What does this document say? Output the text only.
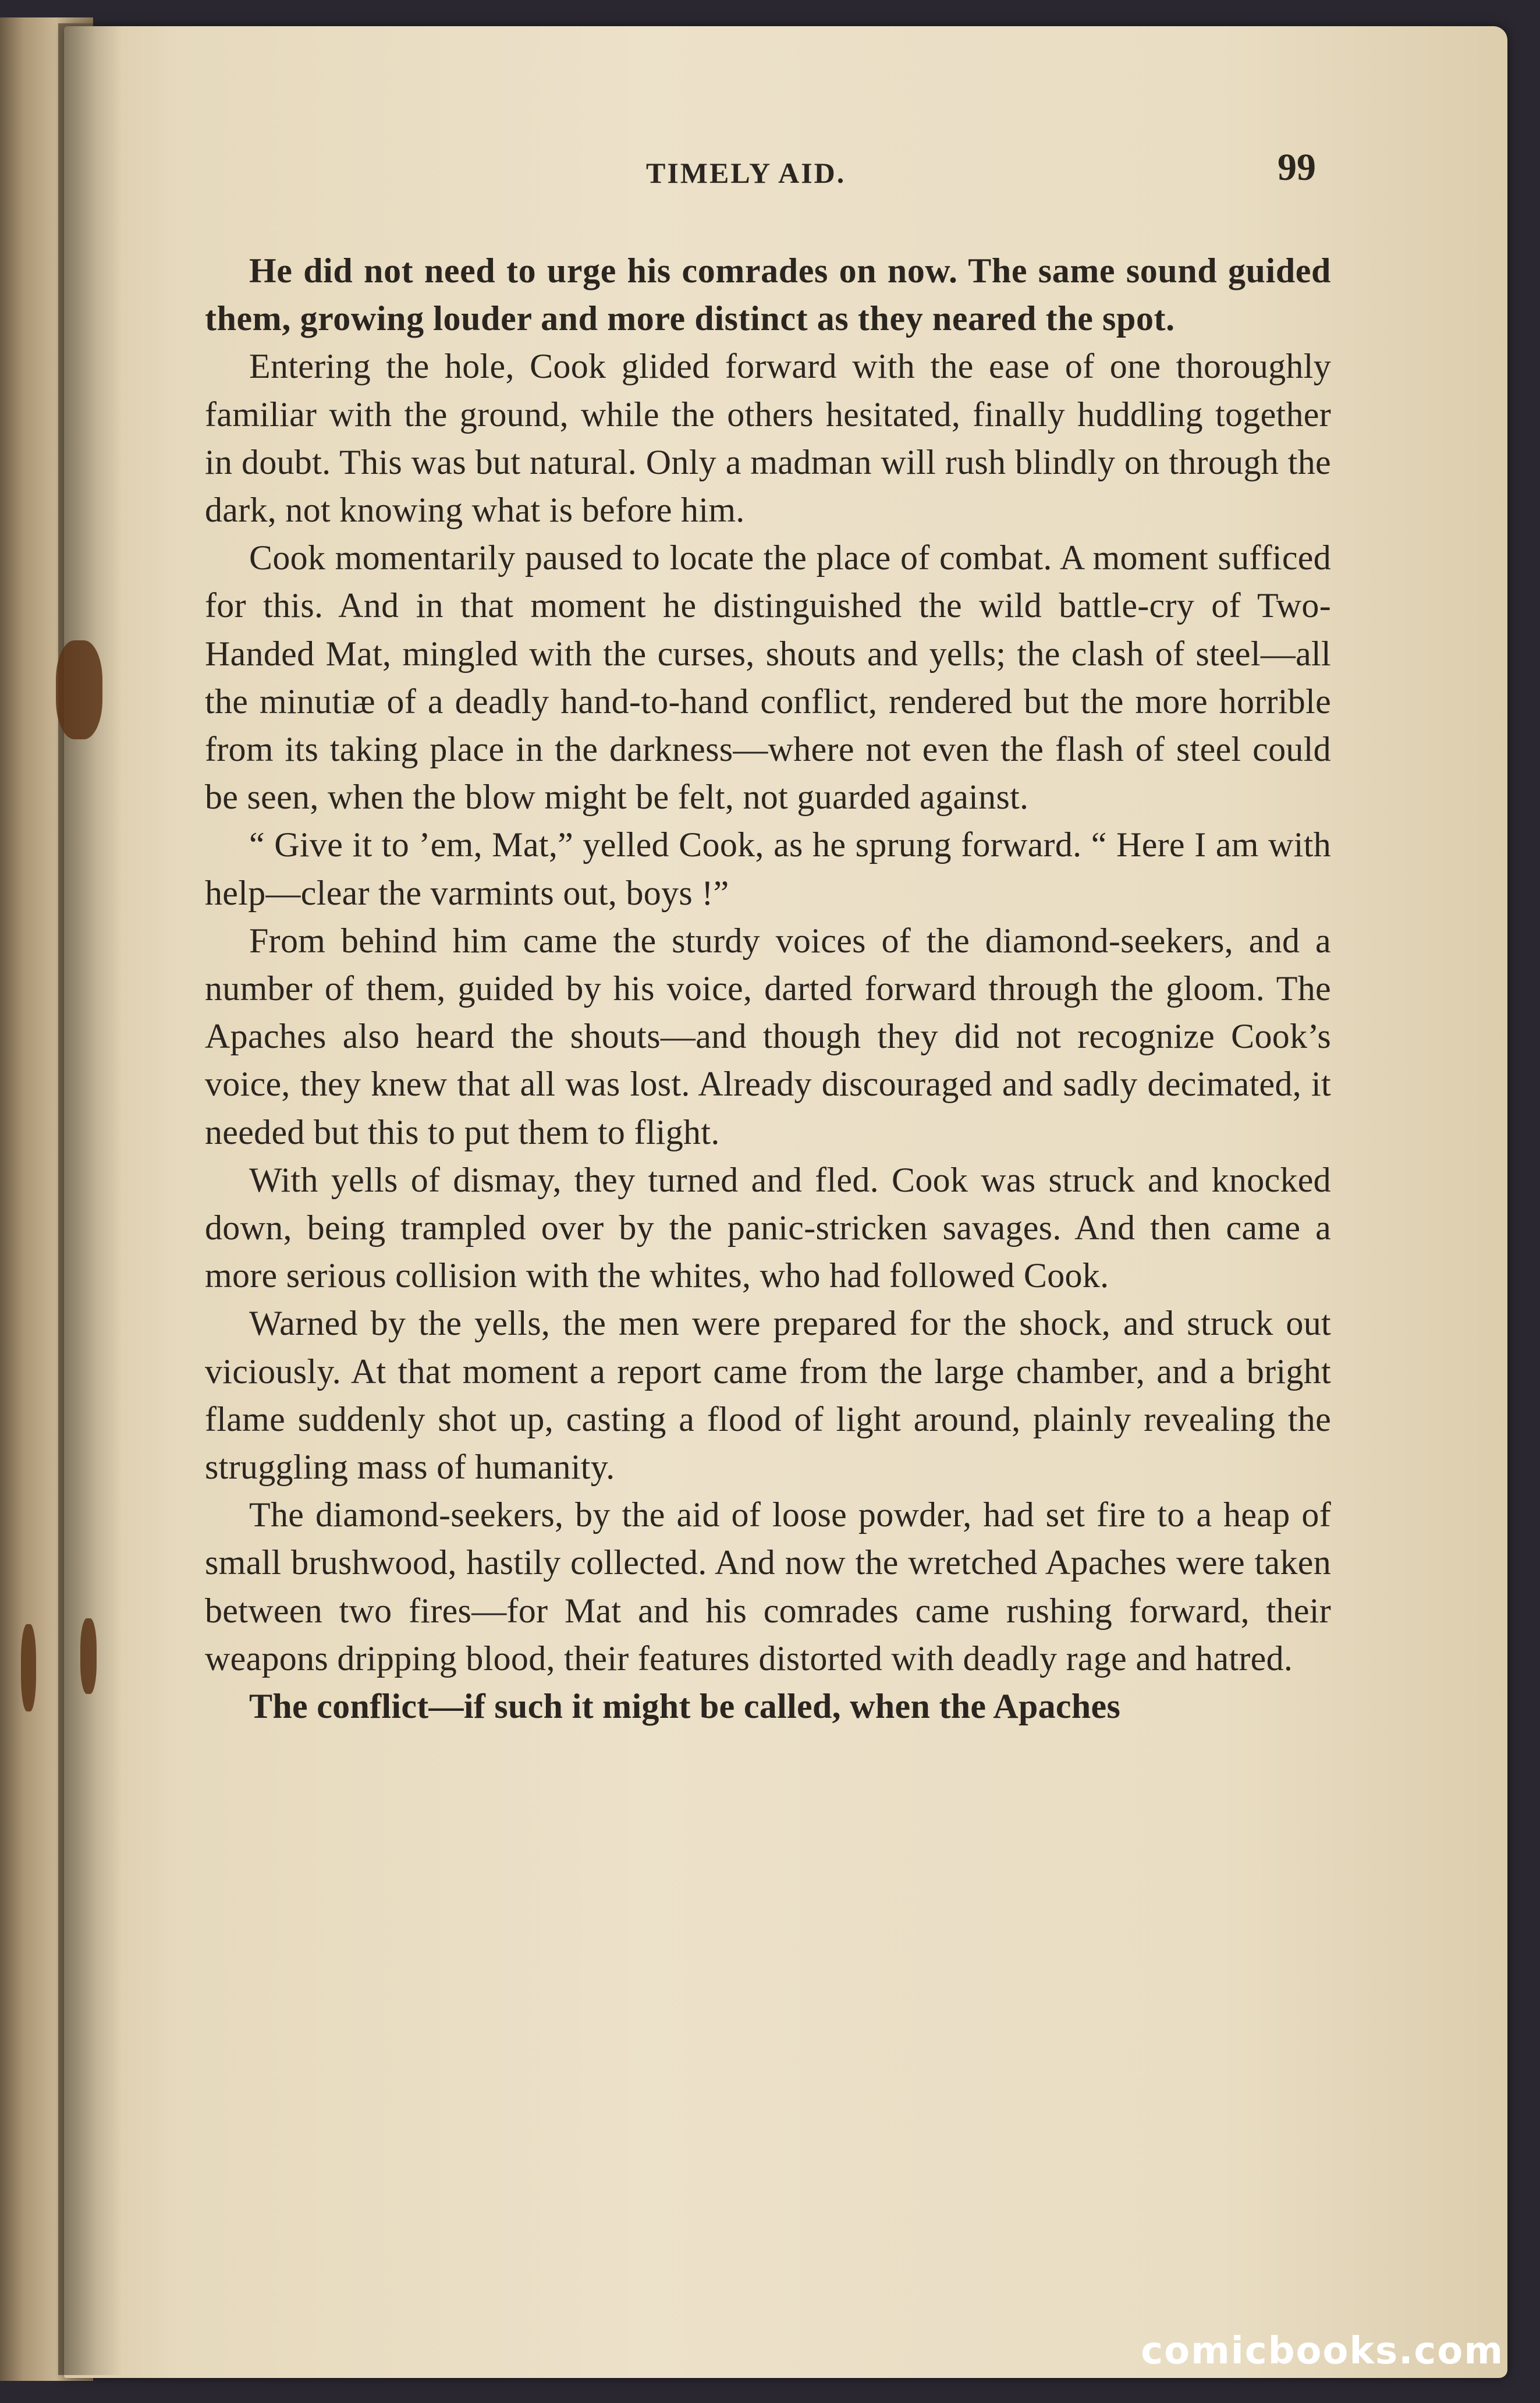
TIMELY AID.	99

He did not need to urge his comrades on now. The same sound guided them, growing louder and more distinct as they neared the spot.

Entering the hole, Cook glided forward with the ease of one thoroughly familiar with the ground, while the others hesitated, finally huddling together in doubt. This was but natural. Only a madman will rush blindly on through the dark, not knowing what is before him.

Cook momentarily paused to locate the place of combat. A moment sufficed for this. And in that moment he distinguished the wild battle-cry of Two-Handed Mat, mingled with the curses, shouts and yells; the clash of steel—all the minutiæ of a deadly hand-to-hand conflict, rendered but the more horrible from its taking place in the darkness—where not even the flash of steel could be seen, when the blow might be felt, not guarded against.

“ Give it to ’em, Mat,” yelled Cook, as he sprung forward. “ Here I am with help—clear the varmints out, boys !”

From behind him came the sturdy voices of the diamond-seekers, and a number of them, guided by his voice, darted forward through the gloom. The Apaches also heard the shouts—and though they did not recognize Cook’s voice, they knew that all was lost. Already discouraged and sadly decimated, it needed but this to put them to flight.

With yells of dismay, they turned and fled. Cook was struck and knocked down, being trampled over by the panic-stricken savages. And then came a more serious collision with the whites, who had followed Cook.

Warned by the yells, the men were prepared for the shock, and struck out viciously. At that moment a report came from the large chamber, and a bright flame suddenly shot up, casting a flood of light around, plainly revealing the struggling mass of humanity.

The diamond-seekers, by the aid of loose powder, had set fire to a heap of small brushwood, hastily collected. And now the wretched Apaches were taken between two fires—for Mat and his comrades came rushing forward, their weapons dripping blood, their features distorted with deadly rage and hatred.

The conflict—if such it might be called, when the Apaches

comicbooks.com
